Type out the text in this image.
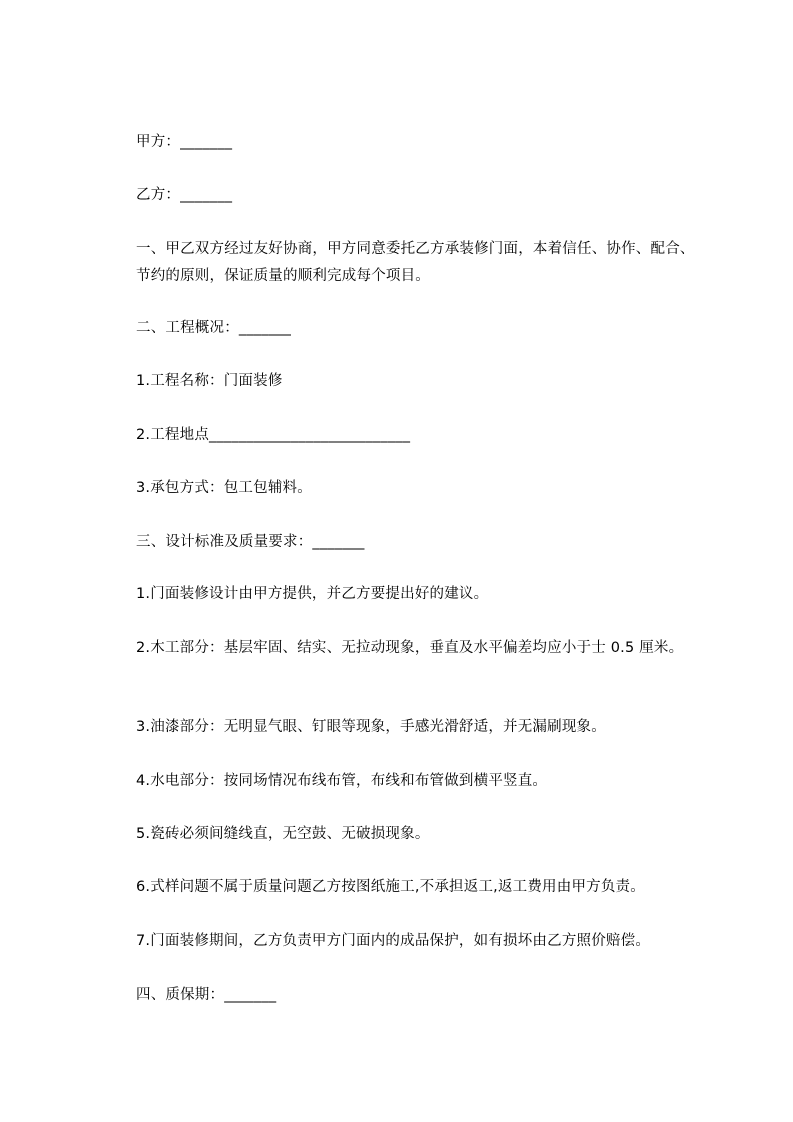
甲方：_______
乙方：_______
一、甲乙双方经过友好协商，甲方同意委托乙方承装修门面，本着信任、协作、配合、节约的原则，保证质量的顺利完成每个项目。
二、工程概况：_______
1.工程名称：门面装修
2.工程地点___________________________
3.承包方式：包工包辅料。
三、设计标准及质量要求：_______
1.门面装修设计由甲方提供，并乙方要提出好的建议。
2.木工部分：基层牢固、结实、无拉动现象，垂直及水平偏差均应小于士 0.5 厘米。
3.油漆部分：无明显气眼、钉眼等现象，手感光滑舒适，并无漏刷现象。
4.水电部分：按同场情况布线布管，布线和布管做到横平竖直。
5.瓷砖必须间缝线直，无空鼓、无破损现象。
6.式样问题不属于质量问题乙方按图纸施工,不承担返工,返工费用由甲方负责。
7.门面装修期间，乙方负责甲方门面内的成品保护，如有损坏由乙方照价赔偿。
四、质保期：_______
